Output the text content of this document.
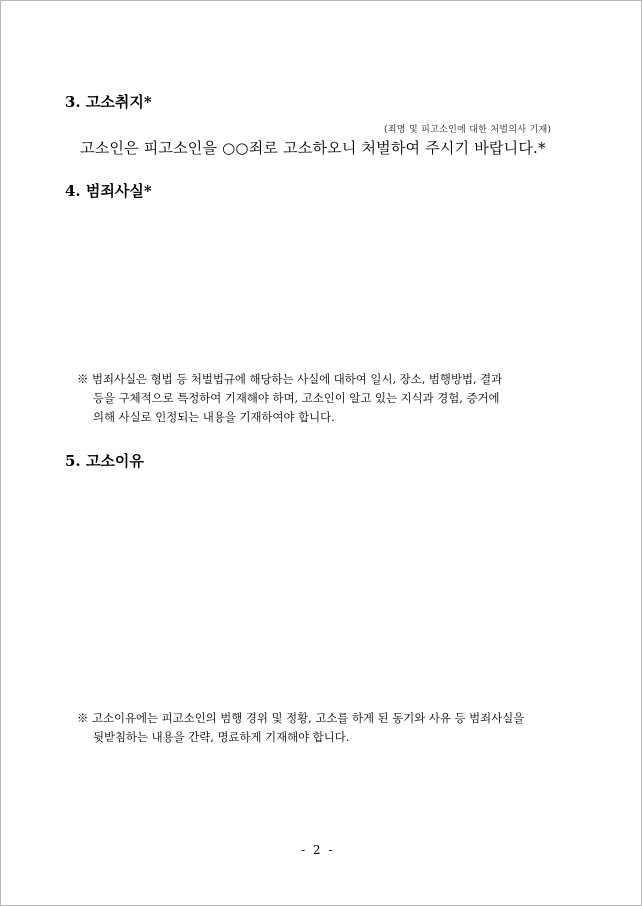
3. 고소취지*
(죄명 및 피고소인에 대한 처벌의사 기재)
고소인은 피고소인을 ○○죄로 고소하오니 처벌하여 주시기 바랍니다.*
4. 범죄사실*
※ 범죄사실은 형법 등 처벌법규에 해당하는 사실에 대하여 일시, 장소, 범행방법, 결과
등을 구체적으로 특정하여 기재해야 하며, 고소인이 알고 있는 지식과 경험, 증거에
의해 사실로 인정되는 내용을 기재하여야 합니다.
5. 고소이유
※ 고소이유에는 피고소인의 범행 경위 및 정황, 고소를 하게 된 동기와 사유 등 범죄사실을
뒷받침하는 내용을 간략, 명료하게 기재해야 합니다.
- 2 -
